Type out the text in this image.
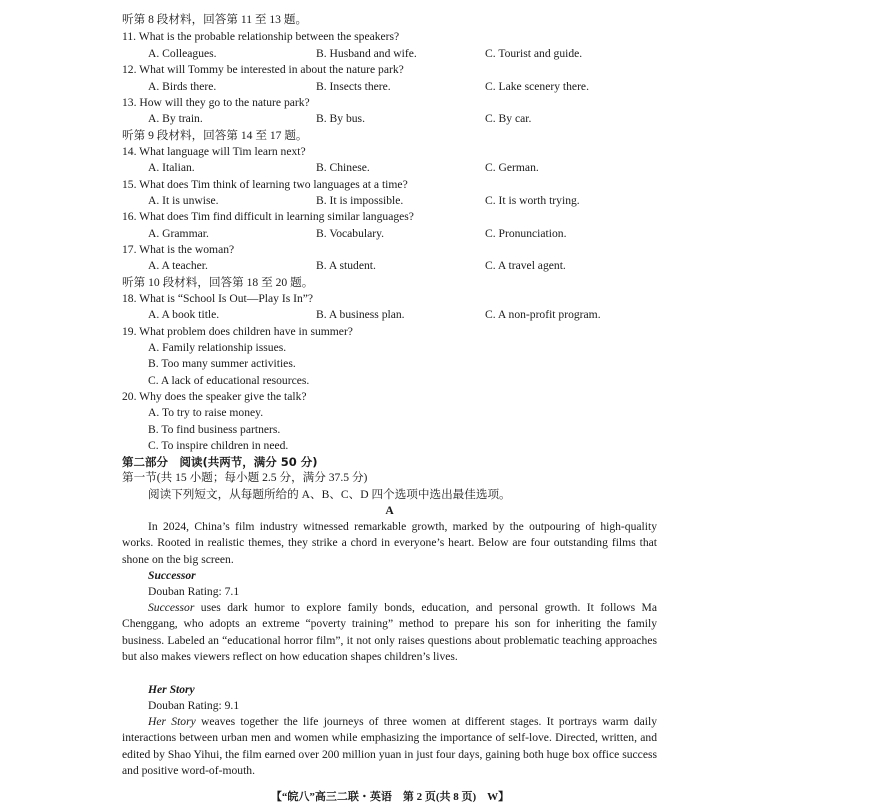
听第 8 段材料，回答第 11 至 13 题。
11. What is the probable relationship between the speakers?
A. Colleagues.	B. Husband and wife.	C. Tourist and guide.
12. What will Tommy be interested in about the nature park?
A. Birds there.	B. Insects there.	C. Lake scenery there.
13. How will they go to the nature park?
A. By train.	B. By bus.	C. By car.
听第 9 段材料，回答第 14 至 17 题。
14. What language will Tim learn next?
A. Italian.	B. Chinese.	C. German.
15. What does Tim think of learning two languages at a time?
A. It is unwise.	B. It is impossible.	C. It is worth trying.
16. What does Tim find difficult in learning similar languages?
A. Grammar.	B. Vocabulary.	C. Pronunciation.
17. What is the woman?
A. A teacher.	B. A student.	C. A travel agent.
听第 10 段材料，回答第 18 至 20 题。
18. What is “School Is Out—Play Is In”?
A. A book title.	B. A business plan.	C. A non-profit program.
19. What problem does children have in summer?
A. Family relationship issues.
B. Too many summer activities.
C. A lack of educational resources.
20. Why does the speaker give the talk?
A. To try to raise money.
B. To find business partners.
C. To inspire children in need.
第二部分　阅读(共两节，满分 50 分)
第一节(共 15 小题；每小题 2.5 分，满分 37.5 分)
阅读下列短文，从每题所给的 A、B、C、D 四个选项中选出最佳选项。
A
In 2024, China’s film industry witnessed remarkable growth, marked by the outpouring of high-quality works. Rooted in realistic themes, they strike a chord in everyone’s heart. Below are four outstanding films that shone on the big screen.
Successor
Douban Rating: 7.1
Successor uses dark humor to explore family bonds, education, and personal growth. It follows Ma Chenggang, who adopts an extreme “poverty training” method to prepare his son for inheriting the family business. Labeled an “educational horror film”, it not only raises questions about problematic teaching approaches but also makes viewers reflect on how education shapes children’s lives.
Her Story
Douban Rating: 9.1
Her Story weaves together the life journeys of three women at different stages. It portrays warm daily interactions between urban men and women while emphasizing the importance of self-love. Directed, written, and edited by Shao Yihui, the film earned over 200 million yuan in just four days, gaining both huge box office success and positive word-of-mouth.
【“皖八”高三二联・英语　第 2 页(共 8 页)　W】
